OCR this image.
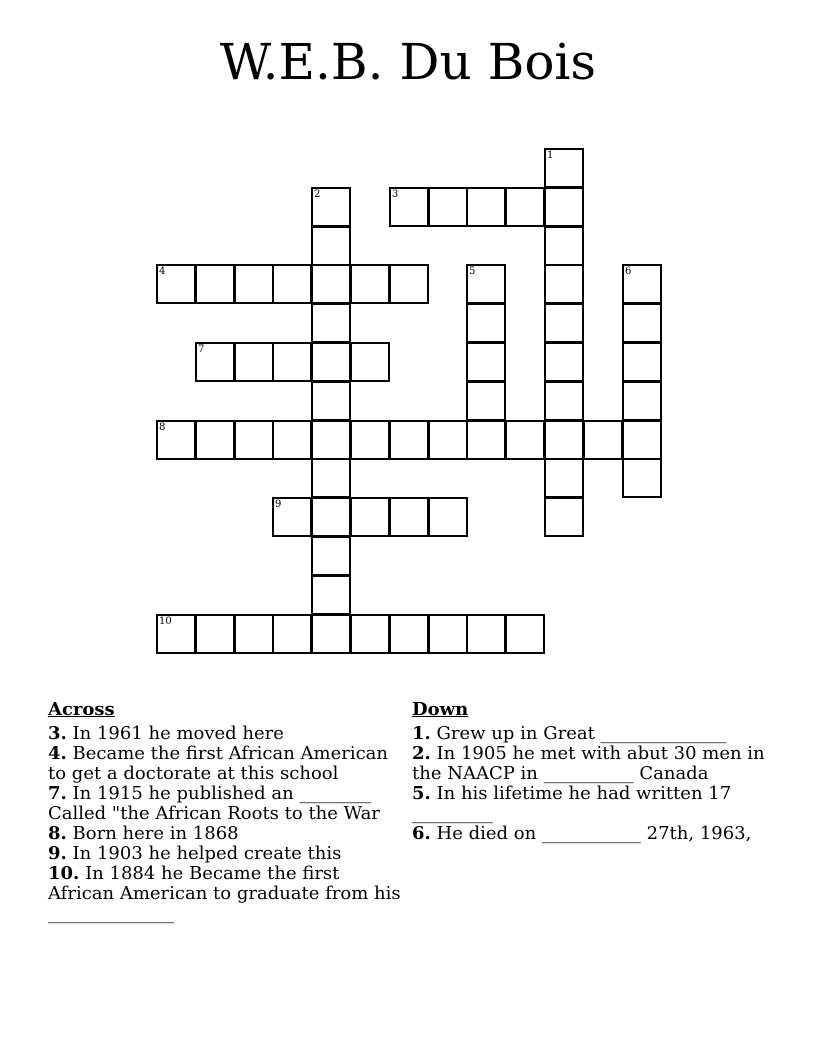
W.E.B. Du Bois
1
2	3
4	5	6
7
8
9
10
Across
3. In 1961 he moved here
4. Became the first African American to get a doctorate at this school
7. In 1915 he published an ________ Called "the African Roots to the War
8. Born here in 1868
9. In 1903 he helped create this
10. In 1884 he Became the first African American to graduate from his ______________
Down
1. Grew up in Great ______________
2. In 1905 he met with abut 30 men in the NAACP in __________ Canada
5. In his lifetime he had written 17 _________
6. He died on ___________ 27th, 1963,
